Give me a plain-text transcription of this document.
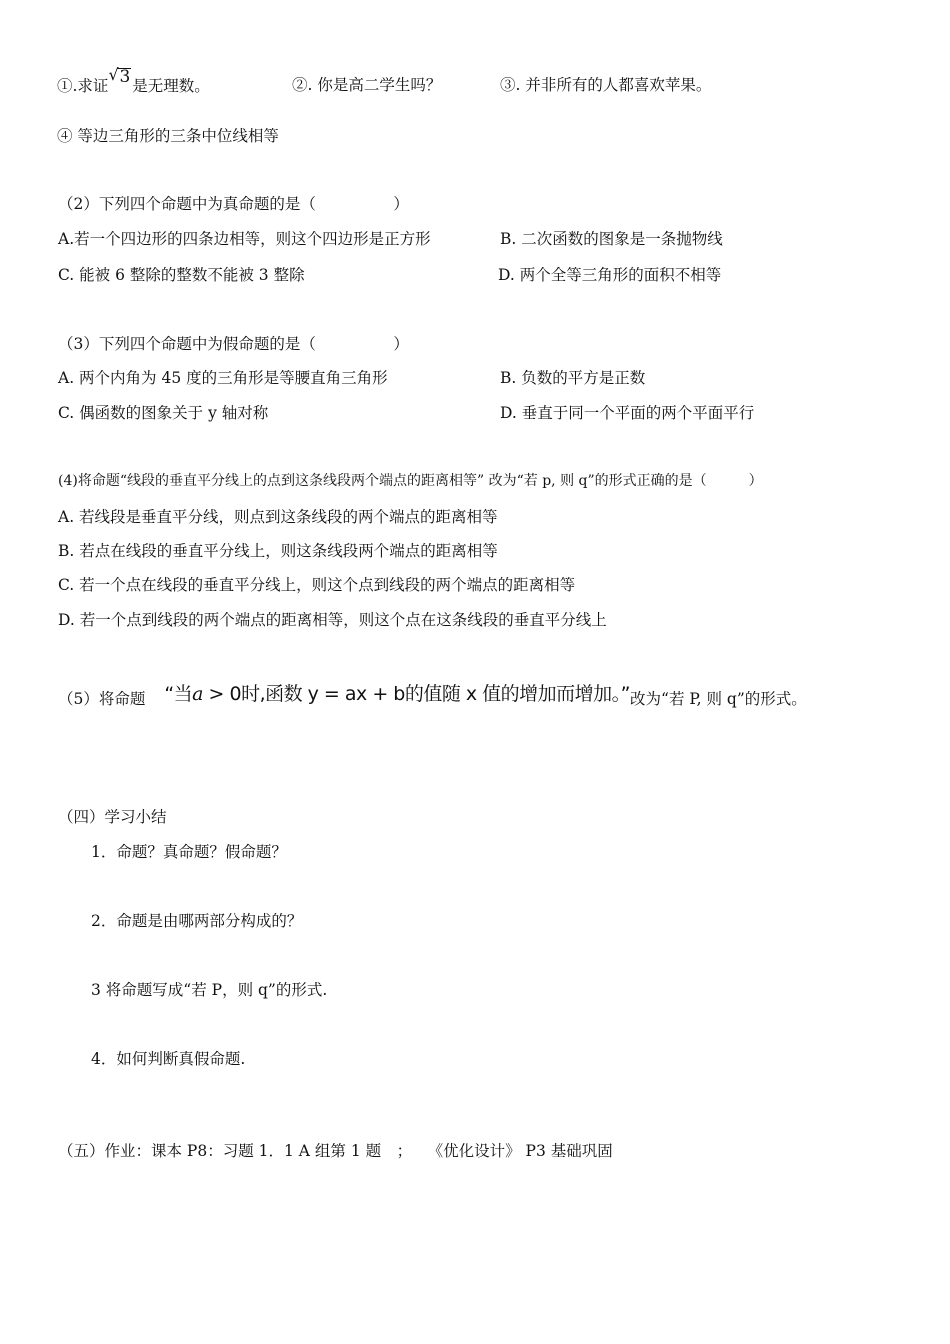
①.求证
√ 3 是无理数。	②. 你是高二学生吗？	③. 并非所有的人都喜欢苹果。
④ 等边三角形的三条中位线相等
（2）下列四个命题中为真命题的是（　　　　　）
A.若一个四边形的四条边相等，则这个四边形是正方形	B. 二次函数的图象是一条抛物线
C. 能被 6 整除的整数不能被 3 整除	D. 两个全等三角形的面积不相等
（3）下列四个命题中为假命题的是（　　　　　）
A. 两个内角为 45 度的三角形是等腰直角三角形	B. 负数的平方是正数
C. 偶函数的图象关于 y 轴对称	D. 垂直于同一个平面的两个平面平行
(4)将命题“线段的垂直平分线上的点到这条线段两个端点的距离相等” 改为“若 p, 则 q”的形式正确的是（　　　）
A. 若线段是垂直平分线，则点到这条线段的两个端点的距离相等
B. 若点在线段的垂直平分线上，则这条线段两个端点的距离相等
C. 若一个点在线段的垂直平分线上，则这个点到线段的两个端点的距离相等
D. 若一个点到线段的两个端点的距离相等，则这个点在这条线段的垂直平分线上
（5）将命题 “当a > 0时,函数 y = ax + b的值随 x 值的增加而增加。”改为“若 P, 则 q”的形式。
（四）学习小结
1．命题？真命题？假命题？
2．命题是由哪两部分构成的？
3 将命题写成“若 P，则 q”的形式.
4．如何判断真假命题.
（五）作业：课本 P8：习题 1．1 A 组第 1 题　；　　《优化设计》 P3 基础巩固
